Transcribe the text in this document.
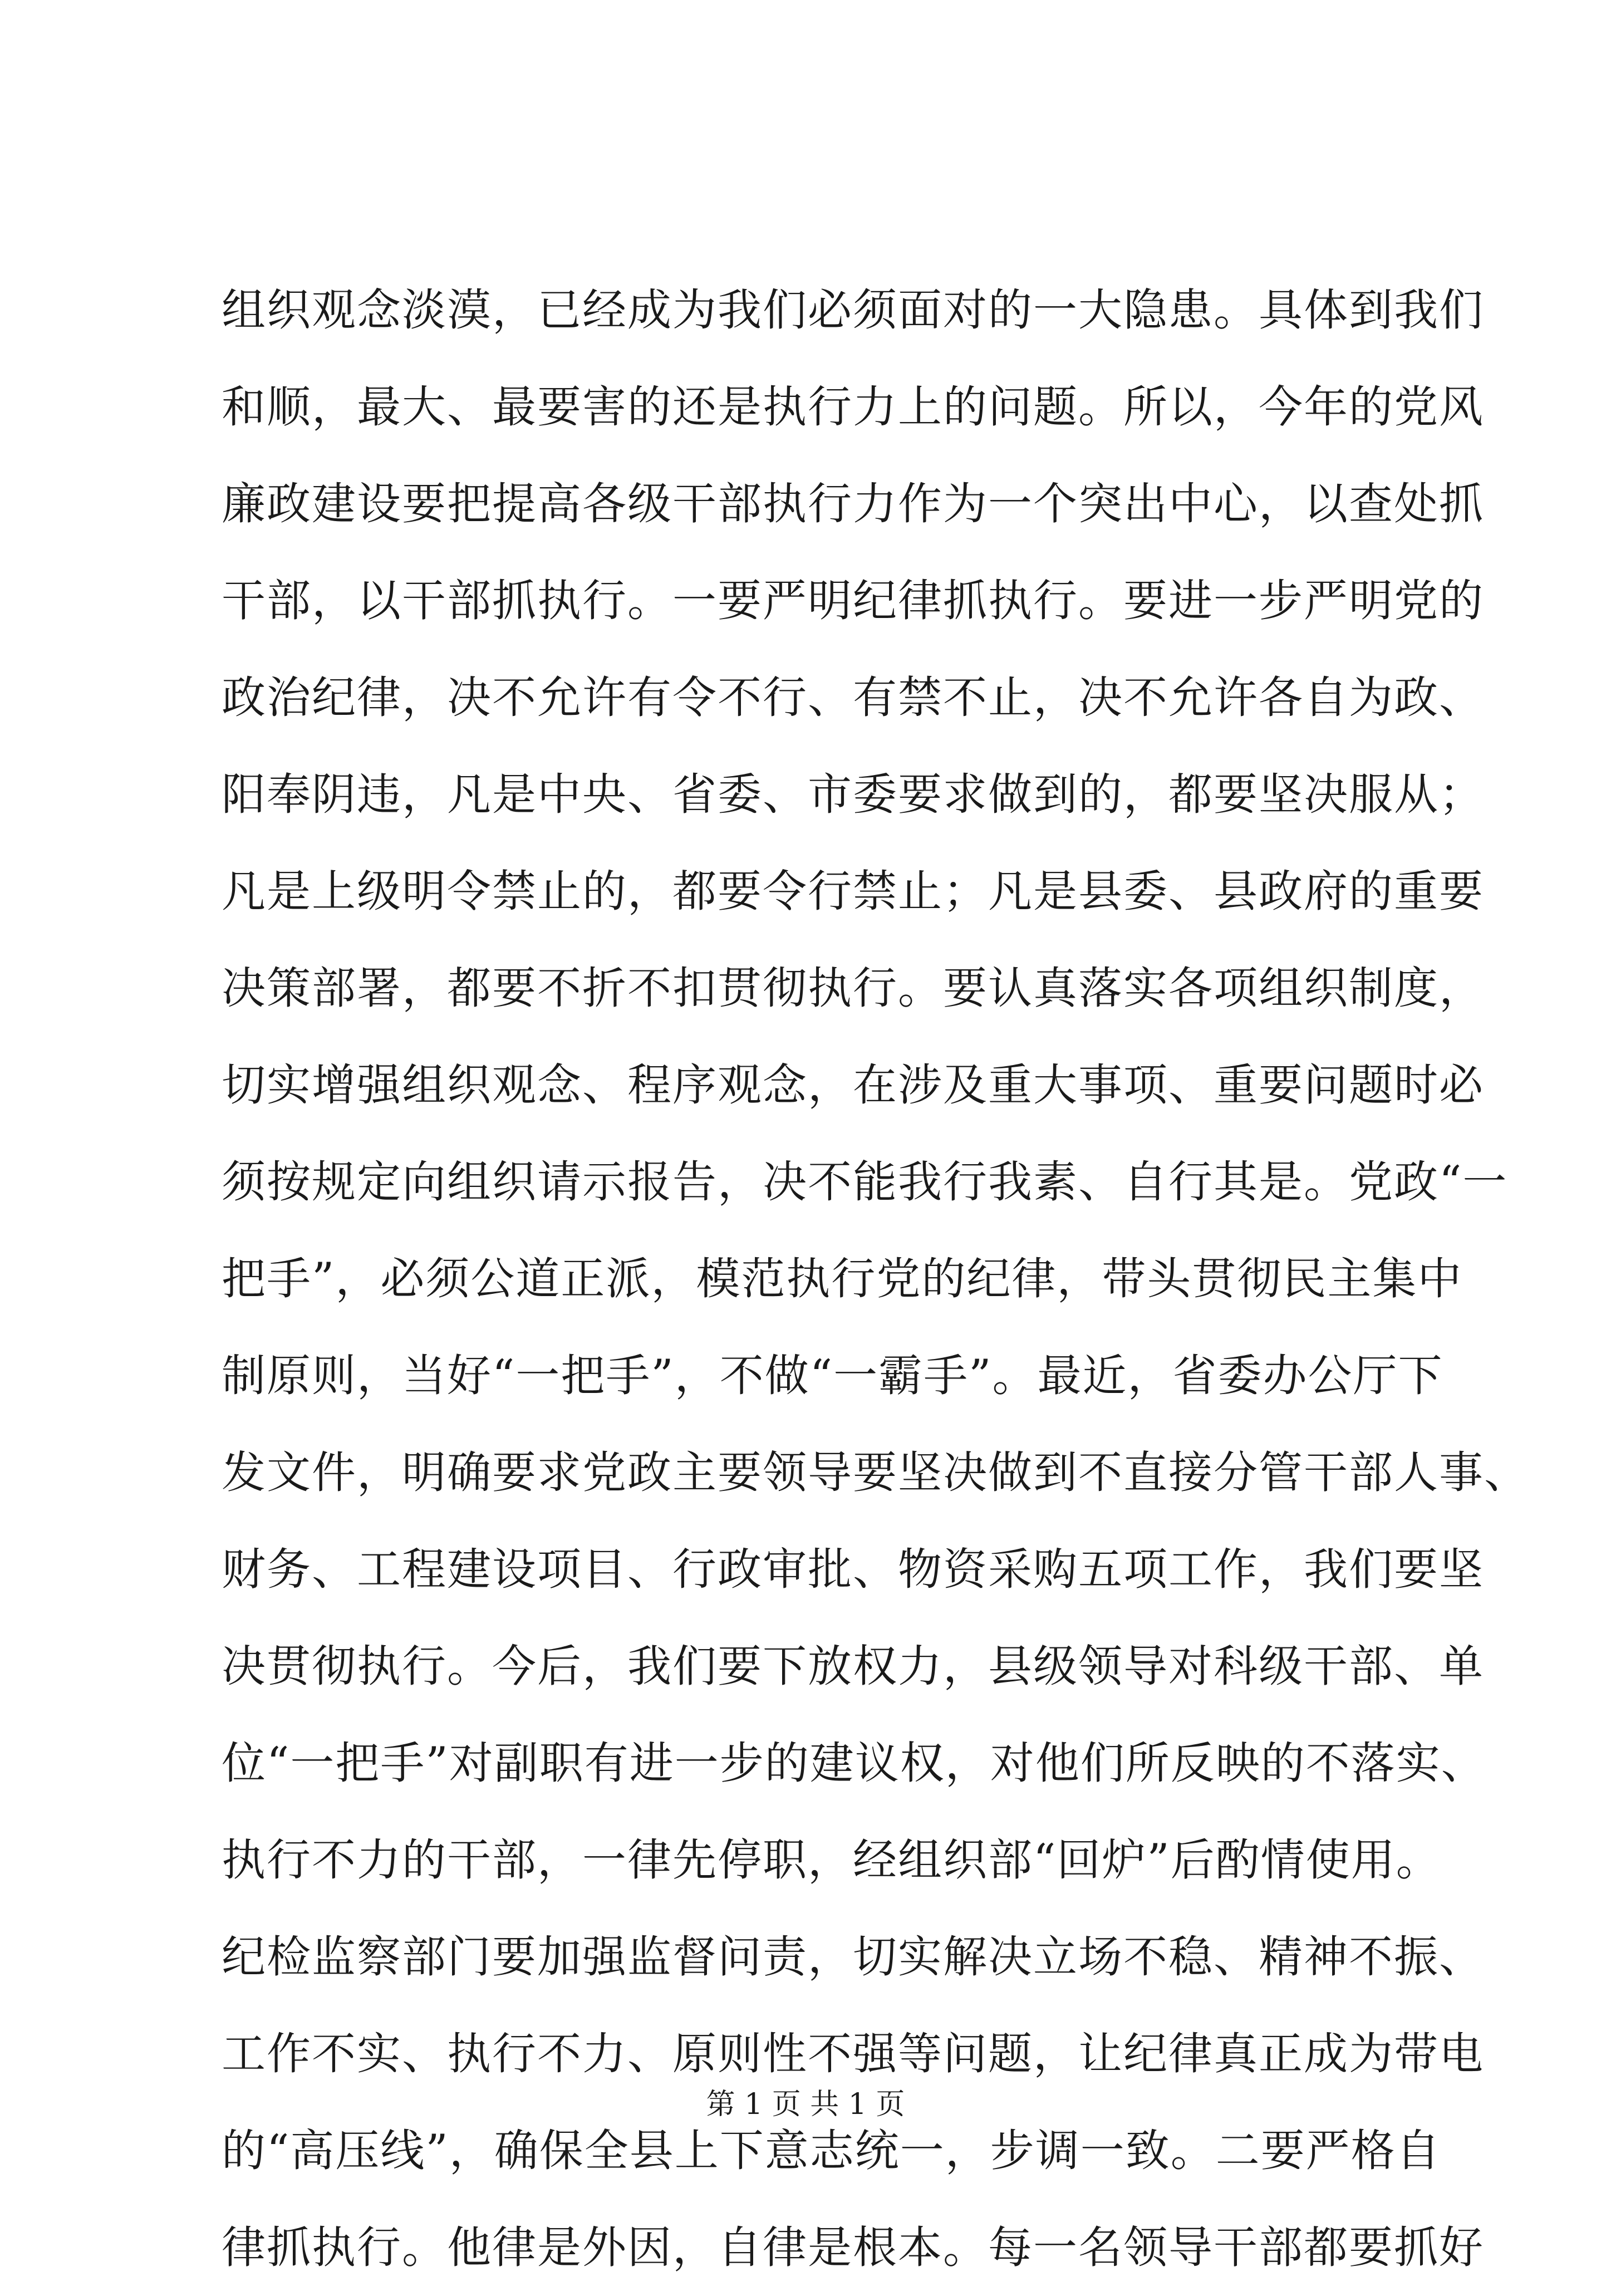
组织观念淡漠，已经成为我们必须面对的一大隐患。具体到我们
和顺，最大、最要害的还是执行力上的问题。所以，今年的党风
廉政建设要把提高各级干部执行力作为一个突出中心，以查处抓
干部，以干部抓执行。一要严明纪律抓执行。要进一步严明党的
政治纪律，决不允许有令不行、有禁不止，决不允许各自为政、
阳奉阴违，凡是中央、省委、市委要求做到的，都要坚决服从；
凡是上级明令禁止的，都要令行禁止；凡是县委、县政府的重要
决策部署，都要不折不扣贯彻执行。要认真落实各项组织制度，
切实增强组织观念、程序观念，在涉及重大事项、重要问题时必
须按规定向组织请示报告，决不能我行我素、自行其是。党政“一
把手”，必须公道正派，模范执行党的纪律，带头贯彻民主集中
制原则，当好“一把手”，不做“一霸手”。最近，省委办公厅下
发文件，明确要求党政主要领导要坚决做到不直接分管干部人事、
财务、工程建设项目、行政审批、物资采购五项工作，我们要坚
决贯彻执行。今后，我们要下放权力，县级领导对科级干部、单
位“一把手”对副职有进一步的建议权，对他们所反映的不落实、
执行不力的干部，一律先停职，经组织部“回炉”后酌情使用。
纪检监察部门要加强监督问责，切实解决立场不稳、精神不振、
工作不实、执行不力、原则性不强等问题，让纪律真正成为带电
的“高压线”，确保全县上下意志统一，步调一致。二要严格自
律抓执行。他律是外因，自律是根本。每一名领导干部都要抓好
第 1 页 共 1 页
